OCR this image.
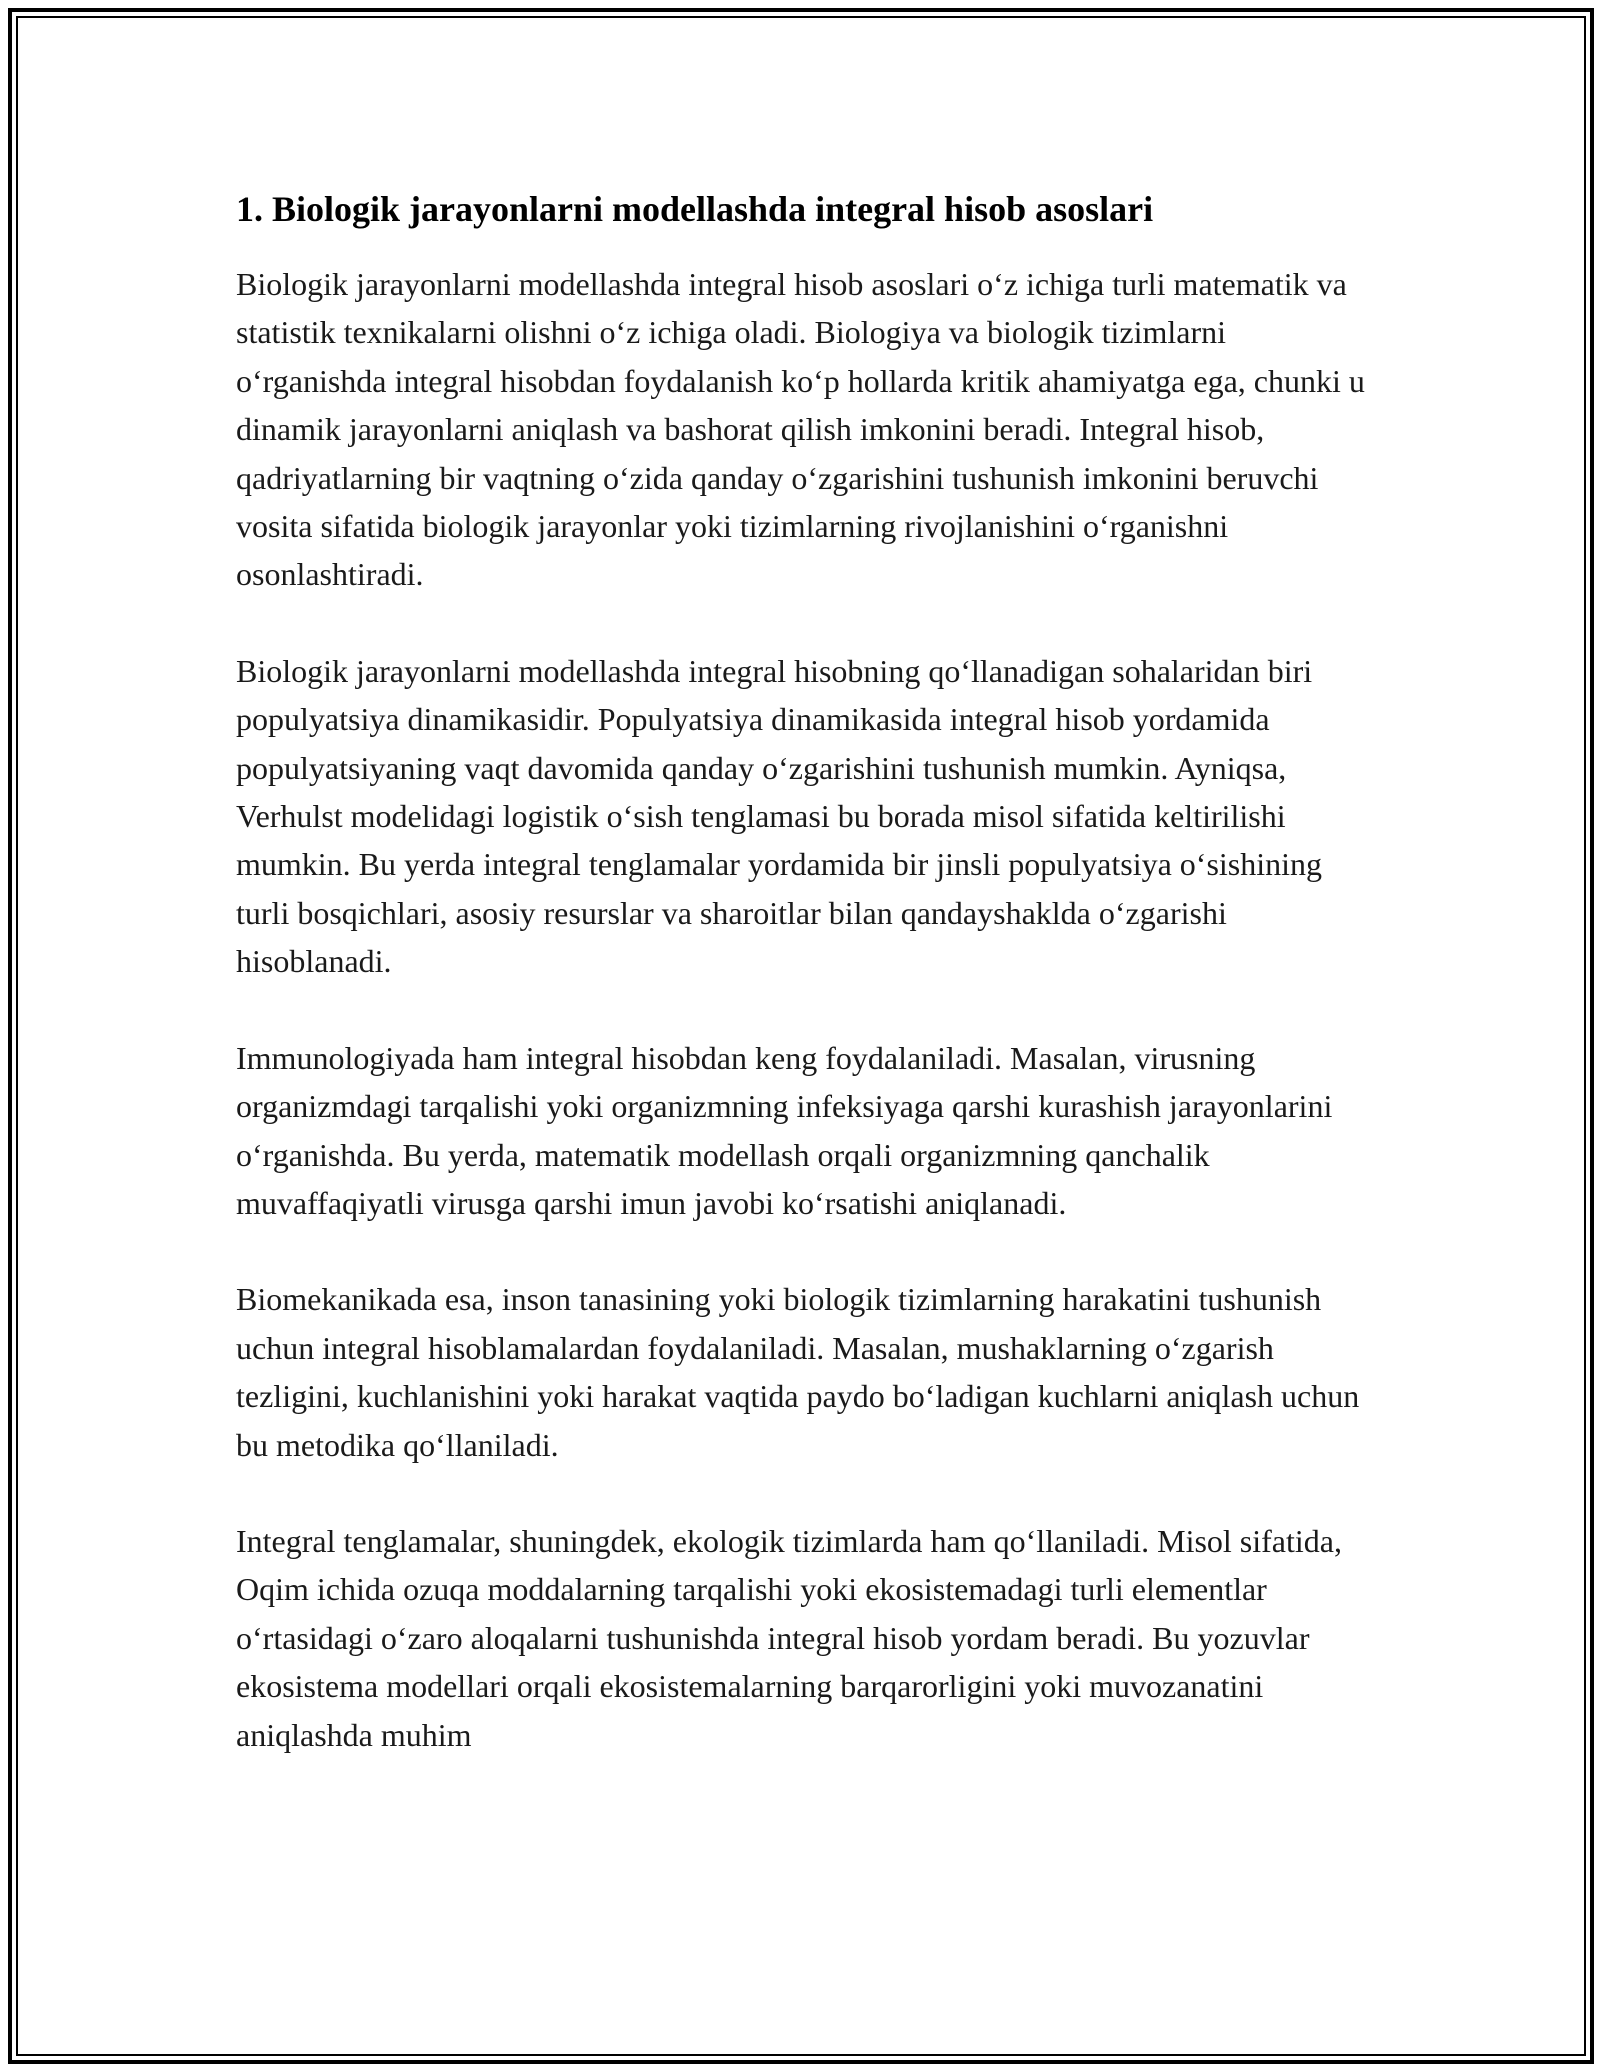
1. Biologik jarayonlarni modellashda integral hisob asoslari

Biologik jarayonlarni modellashda integral hisob asoslari o‘z ichiga turli matematik va statistik texnikalarni olishni o‘z ichiga oladi. Biologiya va biologik tizimlarni o‘rganishda integral hisobdan foydalanish ko‘p hollarda kritik ahamiyatga ega, chunki u dinamik jarayonlarni aniqlash va bashorat qilish imkonini beradi. Integral hisob, qadriyatlarning bir vaqtning o‘zida qanday o‘zgarishini tushunish imkonini beruvchi vosita sifatida biologik jarayonlar yoki tizimlarning rivojlanishini o‘rganishni osonlashtiradi.

Biologik jarayonlarni modellashda integral hisobning qo‘llanadigan sohalaridan biri populyatsiya dinamikasidir. Populyatsiya dinamikasida integral hisob yordamida populyatsiyaning vaqt davomida qanday o‘zgarishini tushunish mumkin. Ayniqsa, Verhulst modelidagi logistik o‘sish tenglamasi bu borada misol sifatida keltirilishi mumkin. Bu yerda integral tenglamalar yordamida bir jinsli populyatsiya o‘sishining turli bosqichlari, asosiy resurslar va sharoitlar bilan qandayshaklda o‘zgarishi hisoblanadi.

Immunologiyada ham integral hisobdan keng foydalaniladi. Masalan, virusning organizmdagi tarqalishi yoki organizmning infeksiyaga qarshi kurashish jarayonlarini o‘rganishda. Bu yerda, matematik modellash orqali organizmning qanchalik muvaffaqiyatli virusga qarshi imun javobi ko‘rsatishi aniqlanadi.

Biomekanikada esa, inson tanasining yoki biologik tizimlarning harakatini tushunish uchun integral hisoblamalardan foydalaniladi. Masalan, mushaklarning o‘zgarish tezligini, kuchlanishini yoki harakat vaqtida paydo bo‘ladigan kuchlarni aniqlash uchun bu metodika qo‘llaniladi.

Integral tenglamalar, shuningdek, ekologik tizimlarda ham qo‘llaniladi. Misol sifatida, Oqim ichida ozuqa moddalarning tarqalishi yoki ekosistemadagi turli elementlar o‘rtasidagi o‘zaro aloqalarni tushunishda integral hisob yordam beradi. Bu yozuvlar ekosistema modellari orqali ekosistemalarning barqarorligini yoki muvozanatini aniqlashda muhim
